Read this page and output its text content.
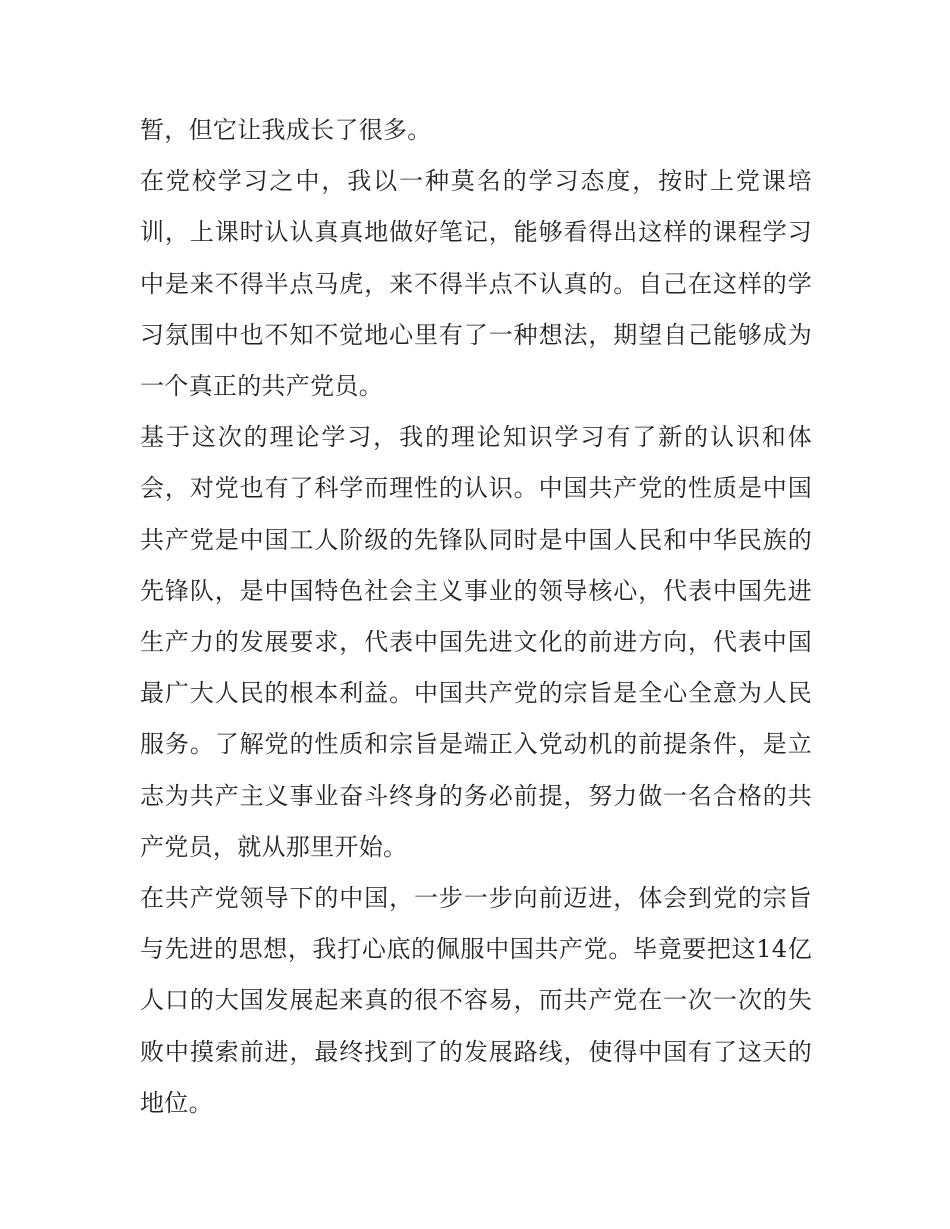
暂，但它让我成长了很多。

在党校学习之中，我以一种莫名的学习态度，按时上党课培训，上课时认认真真地做好笔记，能够看得出这样的课程学习中是来不得半点马虎，来不得半点不认真的。自己在这样的学习氛围中也不知不觉地心里有了一种想法，期望自己能够成为一个真正的共产党员。

基于这次的理论学习，我的理论知识学习有了新的认识和体会，对党也有了科学而理性的认识。中国共产党的性质是中国共产党是中国工人阶级的先锋队同时是中国人民和中华民族的先锋队，是中国特色社会主义事业的领导核心，代表中国先进生产力的发展要求，代表中国先进文化的前进方向，代表中国最广大人民的根本利益。中国共产党的宗旨是全心全意为人民服务。了解党的性质和宗旨是端正入党动机的前提条件，是立志为共产主义事业奋斗终身的务必前提，努力做一名合格的共产党员，就从那里开始。

在共产党领导下的中国，一步一步向前迈进，体会到党的宗旨与先进的思想，我打心底的佩服中国共产党。毕竟要把这14亿人口的大国发展起来真的很不容易，而共产党在一次一次的失败中摸索前进，最终找到了的发展路线，使得中国有了这天的地位。
